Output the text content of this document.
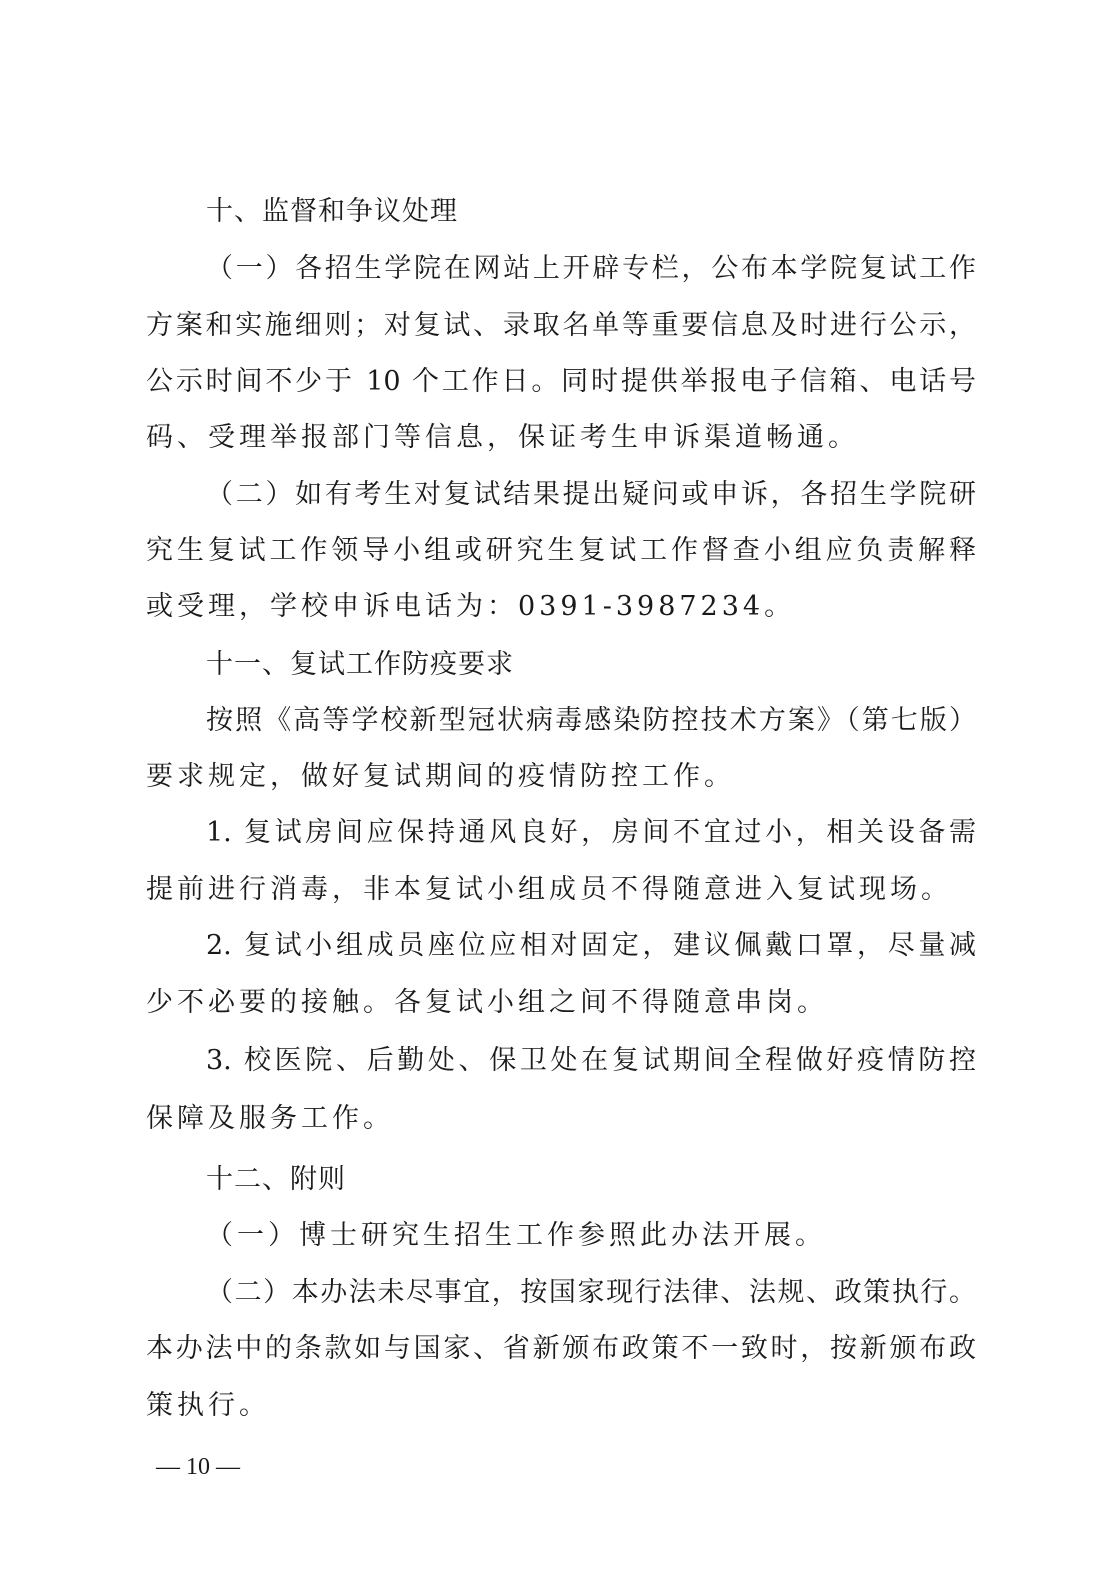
十、监督和争议处理
（一）各招生学院在网站上开辟专栏，公布本学院复试工作
方案和实施细则；对复试、录取名单等重要信息及时进行公示，
公示时间不少于 10 个工作日。同时提供举报电子信箱、电话号
码、受理举报部门等信息，保证考生申诉渠道畅通。
（二）如有考生对复试结果提出疑问或申诉，各招生学院研
究生复试工作领导小组或研究生复试工作督查小组应负责解释
或受理，学校申诉电话为：0391-3987234。
十一、复试工作防疫要求
按照《高等学校新型冠状病毒感染防控技术方案》（第七版）
要求规定，做好复试期间的疫情防控工作。
1. 复试房间应保持通风良好，房间不宜过小，相关设备需
提前进行消毒，非本复试小组成员不得随意进入复试现场。
2. 复试小组成员座位应相对固定，建议佩戴口罩，尽量减
少不必要的接触。各复试小组之间不得随意串岗。
3. 校医院、后勤处、保卫处在复试期间全程做好疫情防控
保障及服务工作。
十二、附则
（一）博士研究生招生工作参照此办法开展。
（二）本办法未尽事宜，按国家现行法律、法规、政策执行。
本办法中的条款如与国家、省新颁布政策不一致时，按新颁布政
策执行。
— 10 —
